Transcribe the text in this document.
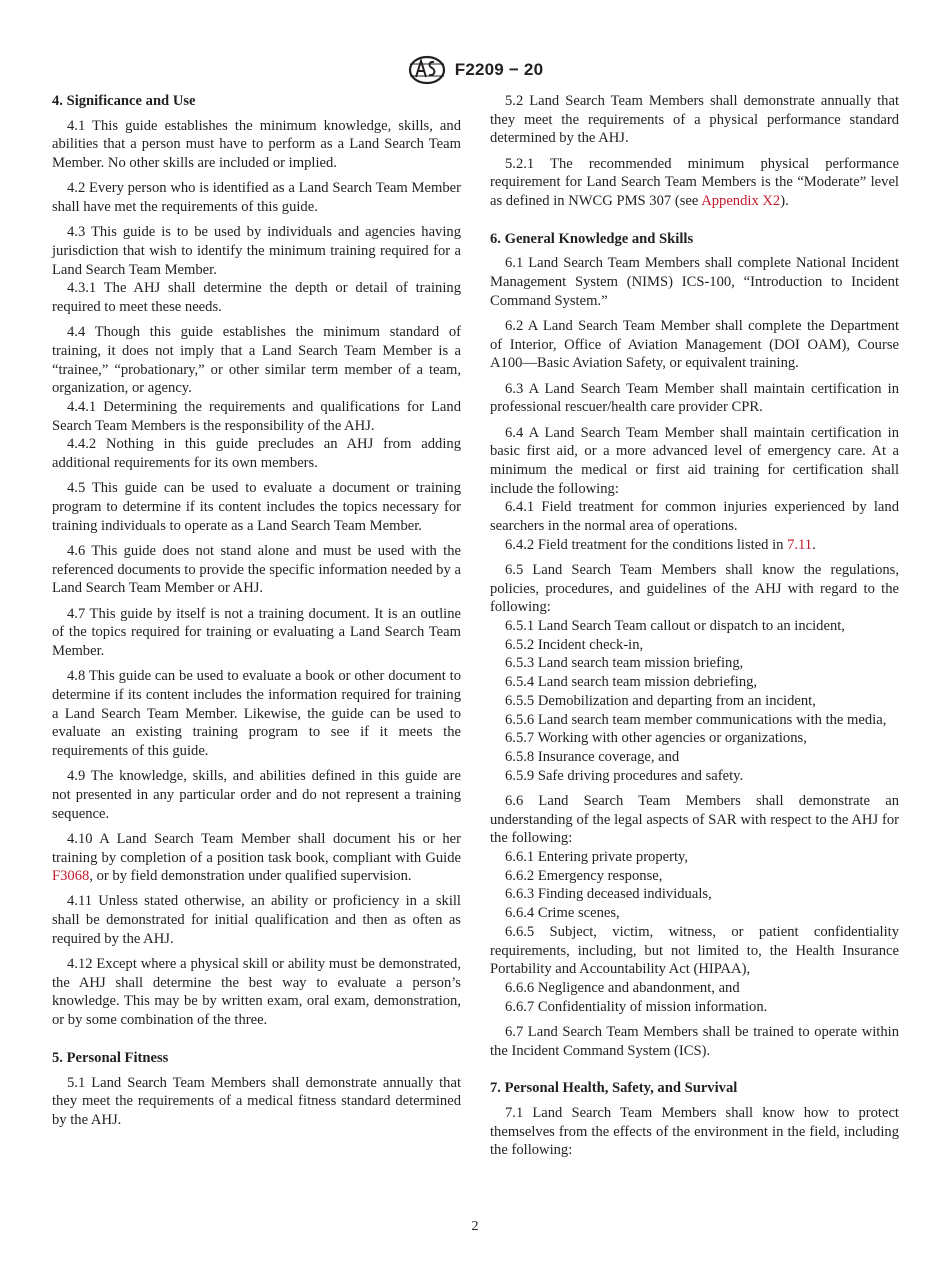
F2209 − 20
4. Significance and Use

4.1 This guide establishes the minimum knowledge, skills, and abilities that a person must have to perform as a Land Search Team Member. No other skills are included or implied.

4.2 Every person who is identified as a Land Search Team Member shall have met the requirements of this guide.

4.3 This guide is to be used by individuals and agencies having jurisdiction that wish to identify the minimum training required for a Land Search Team Member.

4.3.1 The AHJ shall determine the depth or detail of training required to meet these needs.

4.4 Though this guide establishes the minimum standard of training, it does not imply that a Land Search Team Member is a “trainee,” “probationary,” or other similar term member of a team, organization, or agency.

4.4.1 Determining the requirements and qualifications for Land Search Team Members is the responsibility of the AHJ.

4.4.2 Nothing in this guide precludes an AHJ from adding additional requirements for its own members.

4.5 This guide can be used to evaluate a document or training program to determine if its content includes the topics necessary for training individuals to operate as a Land Search Team Member.

4.6 This guide does not stand alone and must be used with the referenced documents to provide the specific information needed by a Land Search Team Member or AHJ.

4.7 This guide by itself is not a training document. It is an outline of the topics required for training or evaluating a Land Search Team Member.

4.8 This guide can be used to evaluate a book or other document to determine if its content includes the information required for training a Land Search Team Member. Likewise, the guide can be used to evaluate an existing training program to see if it meets the requirements of this guide.

4.9 The knowledge, skills, and abilities defined in this guide are not presented in any particular order and do not represent a training sequence.

4.10 A Land Search Team Member shall document his or her training by completion of a position task book, compliant with Guide F3068, or by field demonstration under qualified supervision.

4.11 Unless stated otherwise, an ability or proficiency in a skill shall be demonstrated for initial qualification and then as often as required by the AHJ.

4.12 Except where a physical skill or ability must be demonstrated, the AHJ shall determine the best way to evaluate a person’s knowledge. This may be by written exam, oral exam, demonstration, or by some combination of the three.

5. Personal Fitness

5.1 Land Search Team Members shall demonstrate annually that they meet the requirements of a medical fitness standard determined by the AHJ.

5.2 Land Search Team Members shall demonstrate annually that they meet the requirements of a physical performance standard determined by the AHJ.

5.2.1 The recommended minimum physical performance requirement for Land Search Team Members is the “Moderate” level as defined in NWCG PMS 307 (see Appendix X2).

6. General Knowledge and Skills

6.1 Land Search Team Members shall complete National Incident Management System (NIMS) ICS-100, “Introduction to Incident Command System.”

6.2 A Land Search Team Member shall complete the Department of Interior, Office of Aviation Management (DOI OAM), Course A100—Basic Aviation Safety, or equivalent training.

6.3 A Land Search Team Member shall maintain certification in professional rescuer/health care provider CPR.

6.4 A Land Search Team Member shall maintain certification in basic first aid, or a more advanced level of emergency care. At a minimum the medical or first aid training for certification shall include the following:

6.4.1 Field treatment for common injuries experienced by land searchers in the normal area of operations.

6.4.2 Field treatment for the conditions listed in 7.11.

6.5 Land Search Team Members shall know the regulations, policies, procedures, and guidelines of the AHJ with regard to the following:

6.5.1 Land Search Team callout or dispatch to an incident,

6.5.2 Incident check-in,

6.5.3 Land search team mission briefing,

6.5.4 Land search team mission debriefing,

6.5.5 Demobilization and departing from an incident,

6.5.6 Land search team member communications with the media,

6.5.7 Working with other agencies or organizations,

6.5.8 Insurance coverage, and

6.5.9 Safe driving procedures and safety.

6.6 Land Search Team Members shall demonstrate an understanding of the legal aspects of SAR with respect to the AHJ for the following:

6.6.1 Entering private property,

6.6.2 Emergency response,

6.6.3 Finding deceased individuals,

6.6.4 Crime scenes,

6.6.5 Subject, victim, witness, or patient confidentiality requirements, including, but not limited to, the Health Insurance Portability and Accountability Act (HIPAA),

6.6.6 Negligence and abandonment, and

6.6.7 Confidentiality of mission information.

6.7 Land Search Team Members shall be trained to operate within the Incident Command System (ICS).

7. Personal Health, Safety, and Survival

7.1 Land Search Team Members shall know how to protect themselves from the effects of the environment in the field, including the following:

2
